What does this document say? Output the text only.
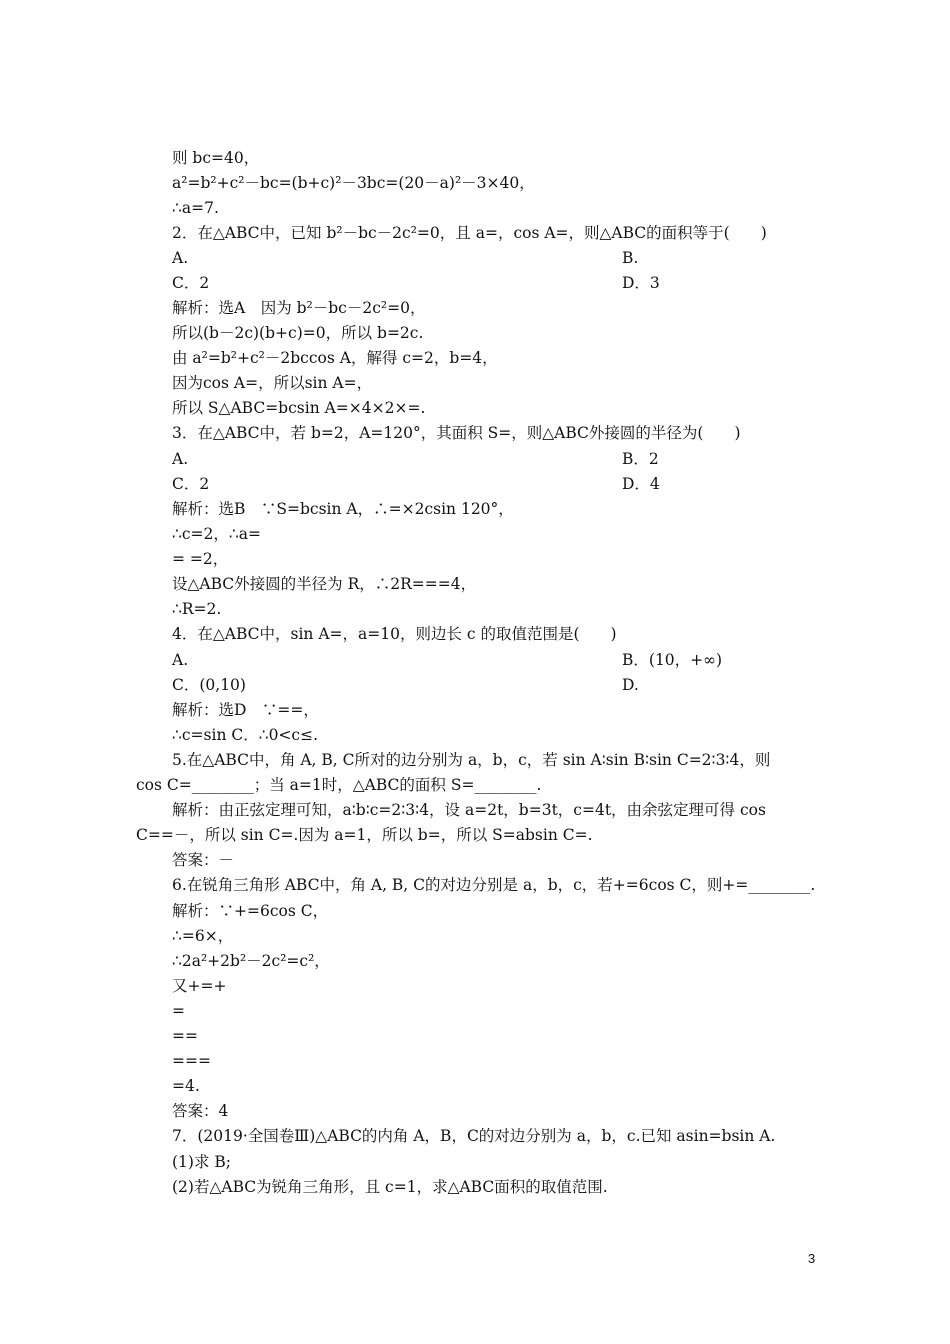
则 bc=40，
a²=b²+c²－bc=(b+c)²－3bc=(20－a)²－3×40，
∴a=7.
2．在△ABC中，已知 b²－bc－2c²=0，且 a=，cos A=，则△ABC的面积等于(　　)
A.	B.
C．2	D．3
解析：选A　因为 b²－bc－2c²=0，
所以(b－2c)(b+c)=0，所以 b=2c.
由 a²=b²+c²－2bccos A，解得 c=2，b=4，
因为cos A=，所以sin A=，
所以 S△ABC=bcsin A=×4×2×=.
3．在△ABC中，若 b=2，A=120°，其面积 S=，则△ABC外接圆的半径为(　　)
A.	B．2
C．2	D．4
解析：选B　∵S=bcsin A，∴=×2csin 120°，
∴c=2，∴a=
= =2，
设△ABC外接圆的半径为 R，∴2R===4，
∴R=2.
4．在△ABC中，sin A=，a=10，则边长 c 的取值范围是(　　)
A.	B．(10，+∞)
C．(0,10)	D.
解析：选D　∵==，
∴c=sin C．∴0<c≤.
5.在△ABC中，角 A, B, C所对的边分别为 a，b，c，若 sin A∶sin B∶sin C=2∶3∶4，则
cos C=________；当 a=1时，△ABC的面积 S=________.
解析：由正弦定理可知，a∶b∶c=2∶3∶4，设 a=2t，b=3t，c=4t，由余弦定理可得 cos
C==－，所以 sin C=.因为 a=1，所以 b=，所以 S=absin C=.
答案：－
6.在锐角三角形 ABC中，角 A, B, C的对边分别是 a，b，c，若+=6cos C，则+=________.
解析：∵+=6cos C，
∴=6×，
∴2a²+2b²－2c²=c²，
又+=+
=
==
===
=4.
答案：4
7．(2019·全国卷Ⅲ)△ABC的内角 A，B，C的对边分别为 a，b，c.已知 asin=bsin A.
(1)求 B;
(2)若△ABC为锐角三角形，且 c=1，求△ABC面积的取值范围.
3
